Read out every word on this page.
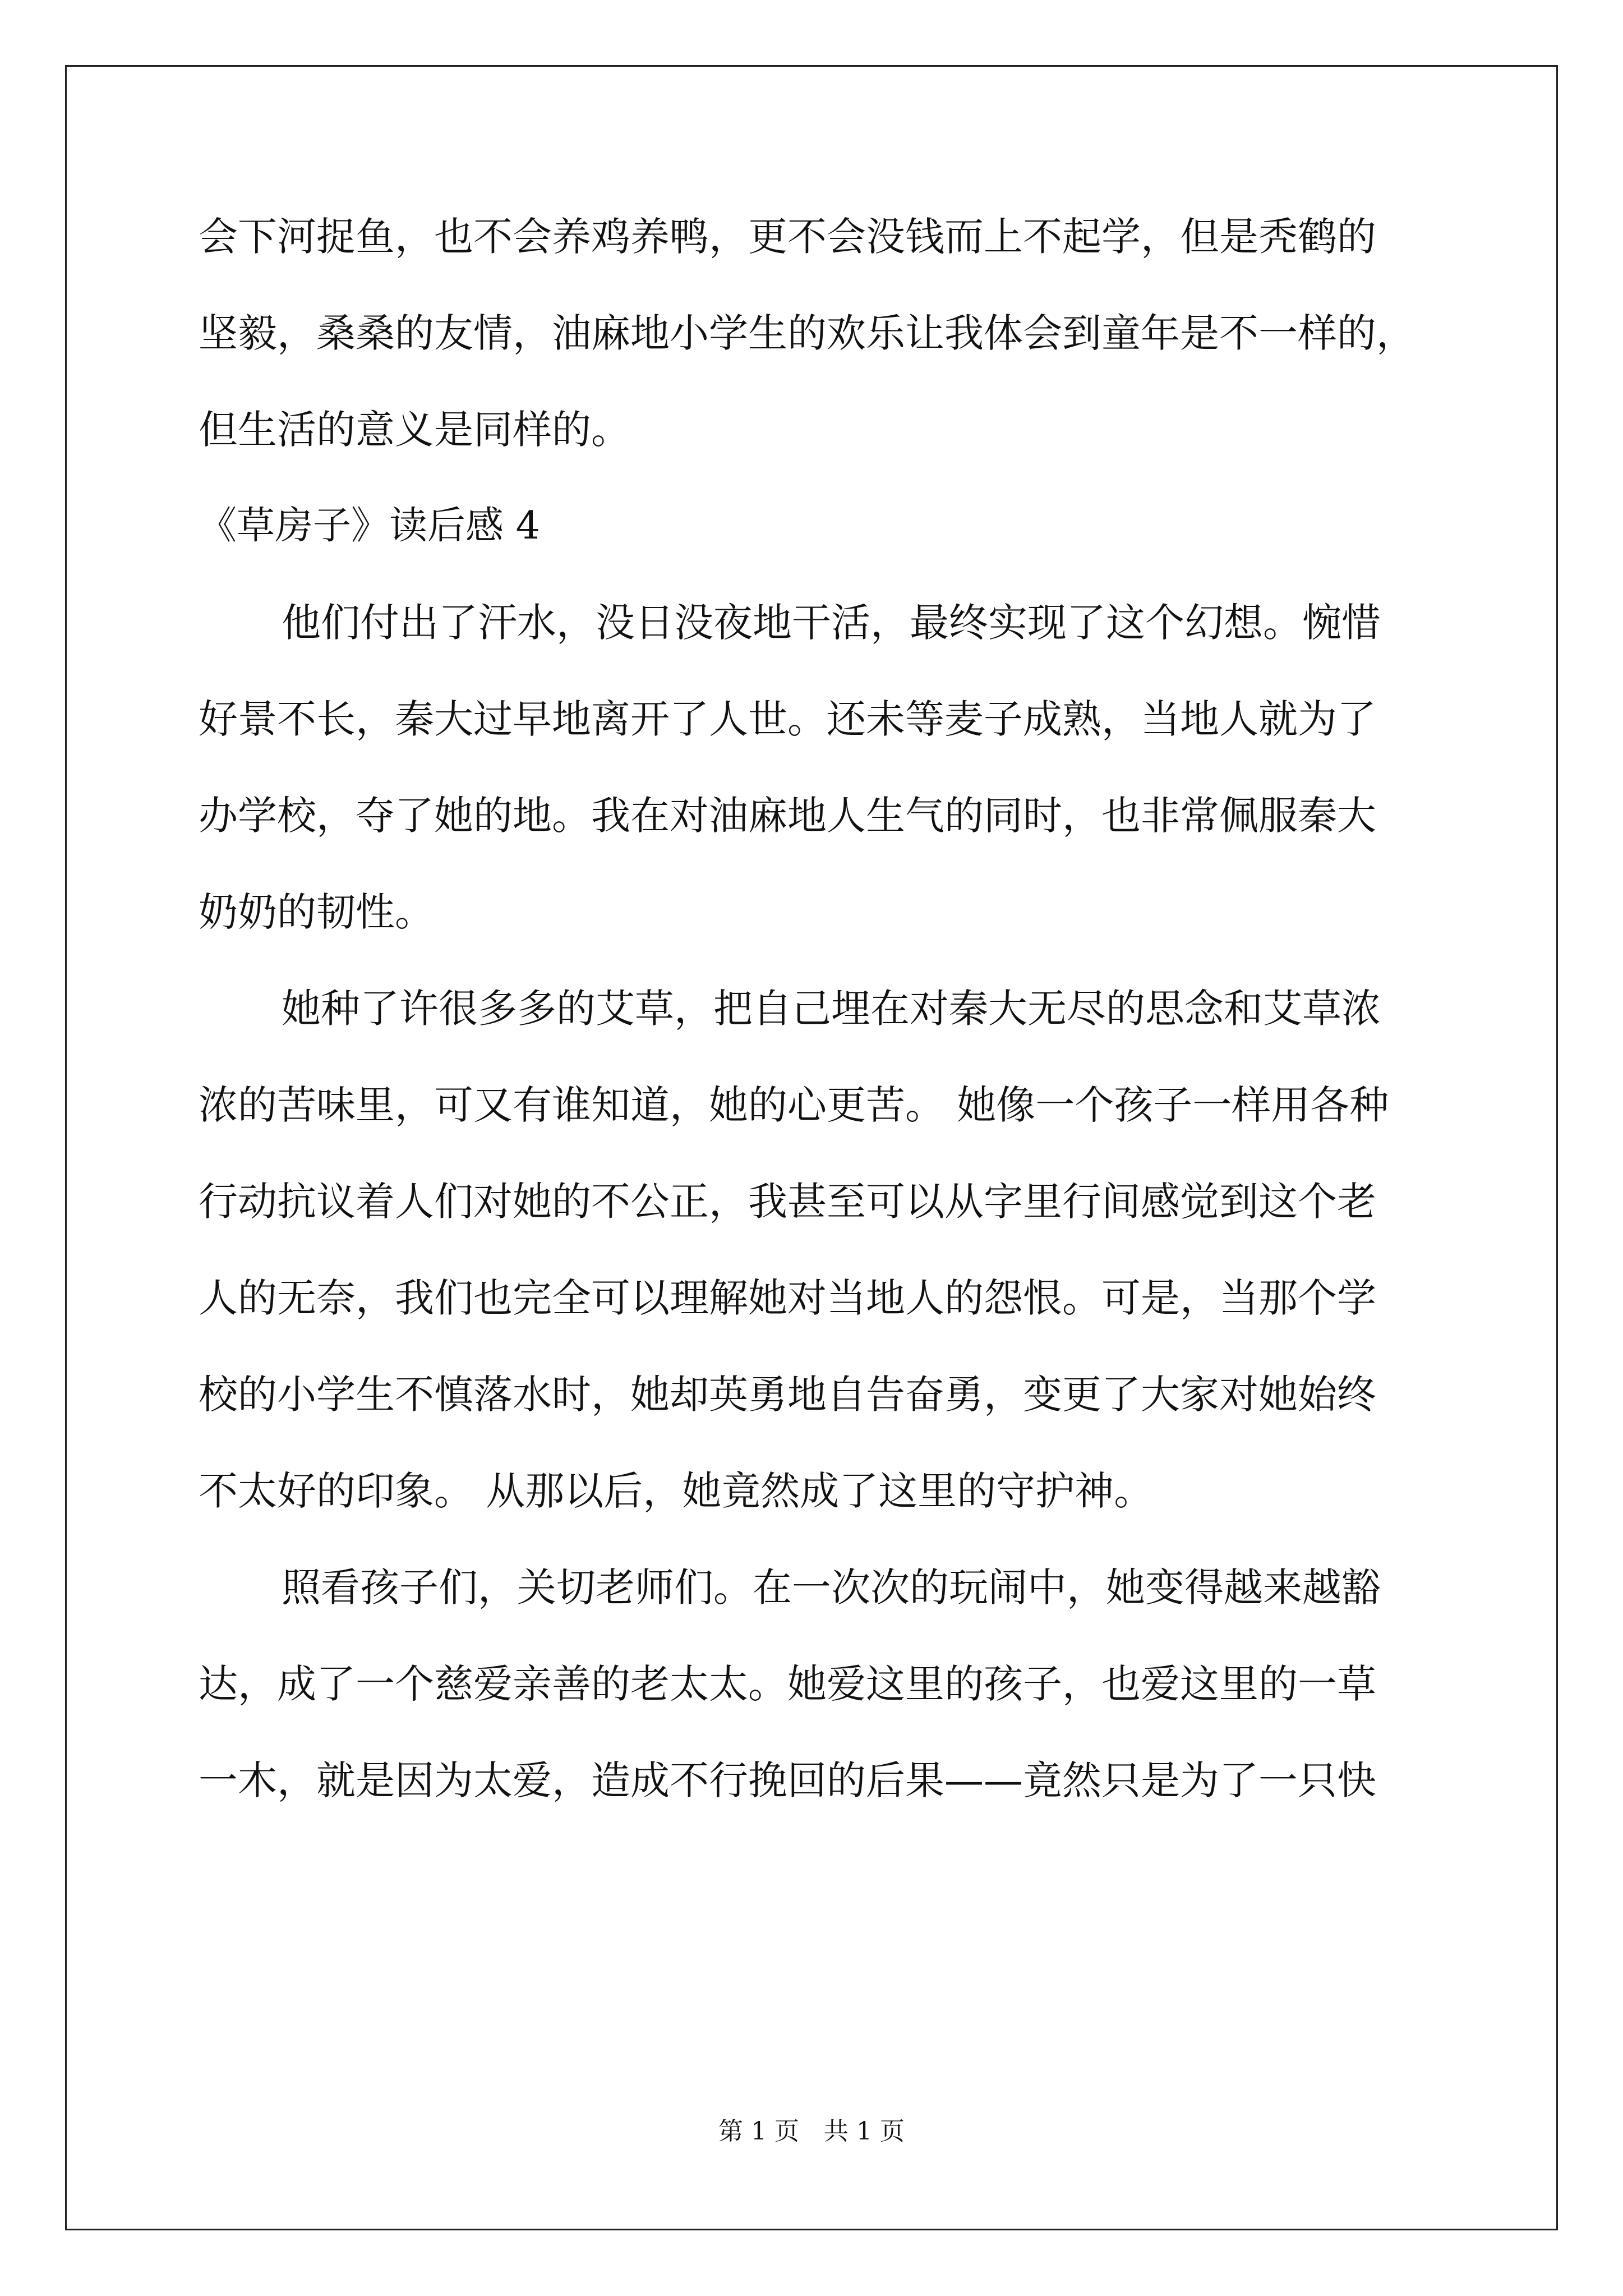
会下河捉鱼，也不会养鸡养鸭，更不会没钱而上不起学，但是秃鹤的
坚毅，桑桑的友情，油麻地小学生的欢乐让我体会到童年是不一样的，
但生活的意义是同样的。
《草房子》读后感 4
他们付出了汗水，没日没夜地干活，最终实现了这个幻想。惋惜
好景不长，秦大过早地离开了人世。还未等麦子成熟，当地人就为了
办学校，夺了她的地。我在对油麻地人生气的同时，也非常佩服秦大
奶奶的韧性。
她种了许很多多的艾草，把自己埋在对秦大无尽的思念和艾草浓
浓的苦味里，可又有谁知道，她的心更苦。 她像一个孩子一样用各种
行动抗议着人们对她的不公正，我甚至可以从字里行间感觉到这个老
人的无奈，我们也完全可以理解她对当地人的怨恨。可是，当那个学
校的小学生不慎落水时，她却英勇地自告奋勇，变更了大家对她始终
不太好的印象。 从那以后，她竟然成了这里的守护神。
照看孩子们，关切老师们。在一次次的玩闹中，她变得越来越豁
达，成了一个慈爱亲善的老太太。她爱这里的孩子，也爱这里的一草
一木，就是因为太爱，造成不行挽回的后果——竟然只是为了一只快
第 1 页 共 1 页
